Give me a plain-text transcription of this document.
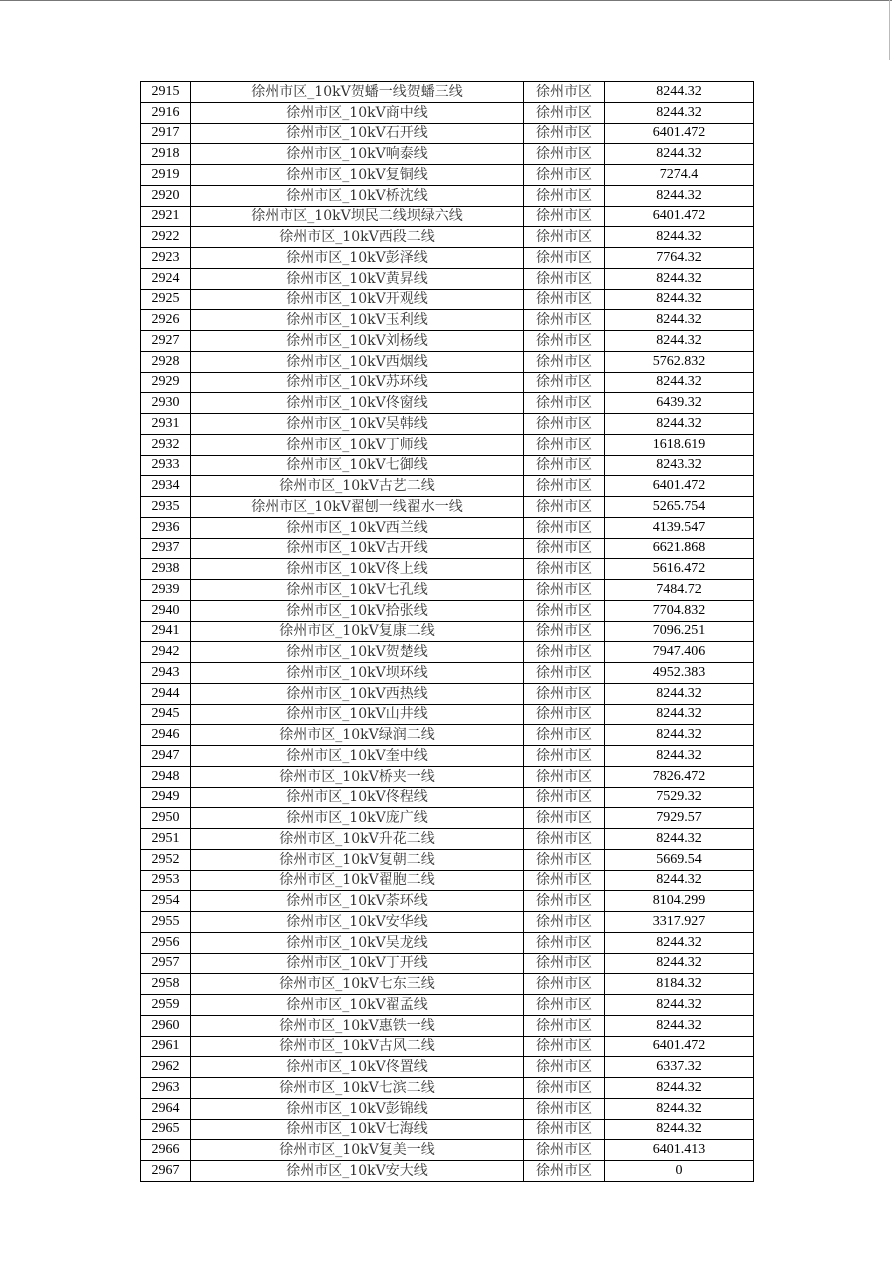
2915	徐州市区_10kV贺蟠一线贺蟠三线	徐州市区	8244.32
2916	徐州市区_10kV商中线	徐州市区	8244.32
2917	徐州市区_10kV石开线	徐州市区	6401.472
2918	徐州市区_10kV响泰线	徐州市区	8244.32
2919	徐州市区_10kV复铜线	徐州市区	7274.4
2920	徐州市区_10kV桥沈线	徐州市区	8244.32
2921	徐州市区_10kV坝民二线坝绿六线	徐州市区	6401.472
2922	徐州市区_10kV西段二线	徐州市区	8244.32
2923	徐州市区_10kV彭泽线	徐州市区	7764.32
2924	徐州市区_10kV黄昇线	徐州市区	8244.32
2925	徐州市区_10kV开观线	徐州市区	8244.32
2926	徐州市区_10kV玉利线	徐州市区	8244.32
2927	徐州市区_10kV刘杨线	徐州市区	8244.32
2928	徐州市区_10kV西烟线	徐州市区	5762.832
2929	徐州市区_10kV苏环线	徐州市区	8244.32
2930	徐州市区_10kV佟窗线	徐州市区	6439.32
2931	徐州市区_10kV吴韩线	徐州市区	8244.32
2932	徐州市区_10kV丁师线	徐州市区	1618.619
2933	徐州市区_10kV七御线	徐州市区	8243.32
2934	徐州市区_10kV古艺二线	徐州市区	6401.472
2935	徐州市区_10kV翟刨一线翟水一线	徐州市区	5265.754
2936	徐州市区_10kV西兰线	徐州市区	4139.547
2937	徐州市区_10kV古开线	徐州市区	6621.868
2938	徐州市区_10kV佟上线	徐州市区	5616.472
2939	徐州市区_10kV七孔线	徐州市区	7484.72
2940	徐州市区_10kV拾张线	徐州市区	7704.832
2941	徐州市区_10kV复康二线	徐州市区	7096.251
2942	徐州市区_10kV贺楚线	徐州市区	7947.406
2943	徐州市区_10kV坝环线	徐州市区	4952.383
2944	徐州市区_10kV西热线	徐州市区	8244.32
2945	徐州市区_10kV山井线	徐州市区	8244.32
2946	徐州市区_10kV绿润二线	徐州市区	8244.32
2947	徐州市区_10kV奎中线	徐州市区	8244.32
2948	徐州市区_10kV桥夹一线	徐州市区	7826.472
2949	徐州市区_10kV佟程线	徐州市区	7529.32
2950	徐州市区_10kV庞广线	徐州市区	7929.57
2951	徐州市区_10kV升花二线	徐州市区	8244.32
2952	徐州市区_10kV复朝二线	徐州市区	5669.54
2953	徐州市区_10kV翟胞二线	徐州市区	8244.32
2954	徐州市区_10kV荼环线	徐州市区	8104.299
2955	徐州市区_10kV安华线	徐州市区	3317.927
2956	徐州市区_10kV吴龙线	徐州市区	8244.32
2957	徐州市区_10kV丁开线	徐州市区	8244.32
2958	徐州市区_10kV七东三线	徐州市区	8184.32
2959	徐州市区_10kV翟孟线	徐州市区	8244.32
2960	徐州市区_10kV惠铁一线	徐州市区	8244.32
2961	徐州市区_10kV古风二线	徐州市区	6401.472
2962	徐州市区_10kV佟置线	徐州市区	6337.32
2963	徐州市区_10kV七滨二线	徐州市区	8244.32
2964	徐州市区_10kV彭锦线	徐州市区	8244.32
2965	徐州市区_10kV七海线	徐州市区	8244.32
2966	徐州市区_10kV复美一线	徐州市区	6401.413
2967	徐州市区_10kV安大线	徐州市区	0
